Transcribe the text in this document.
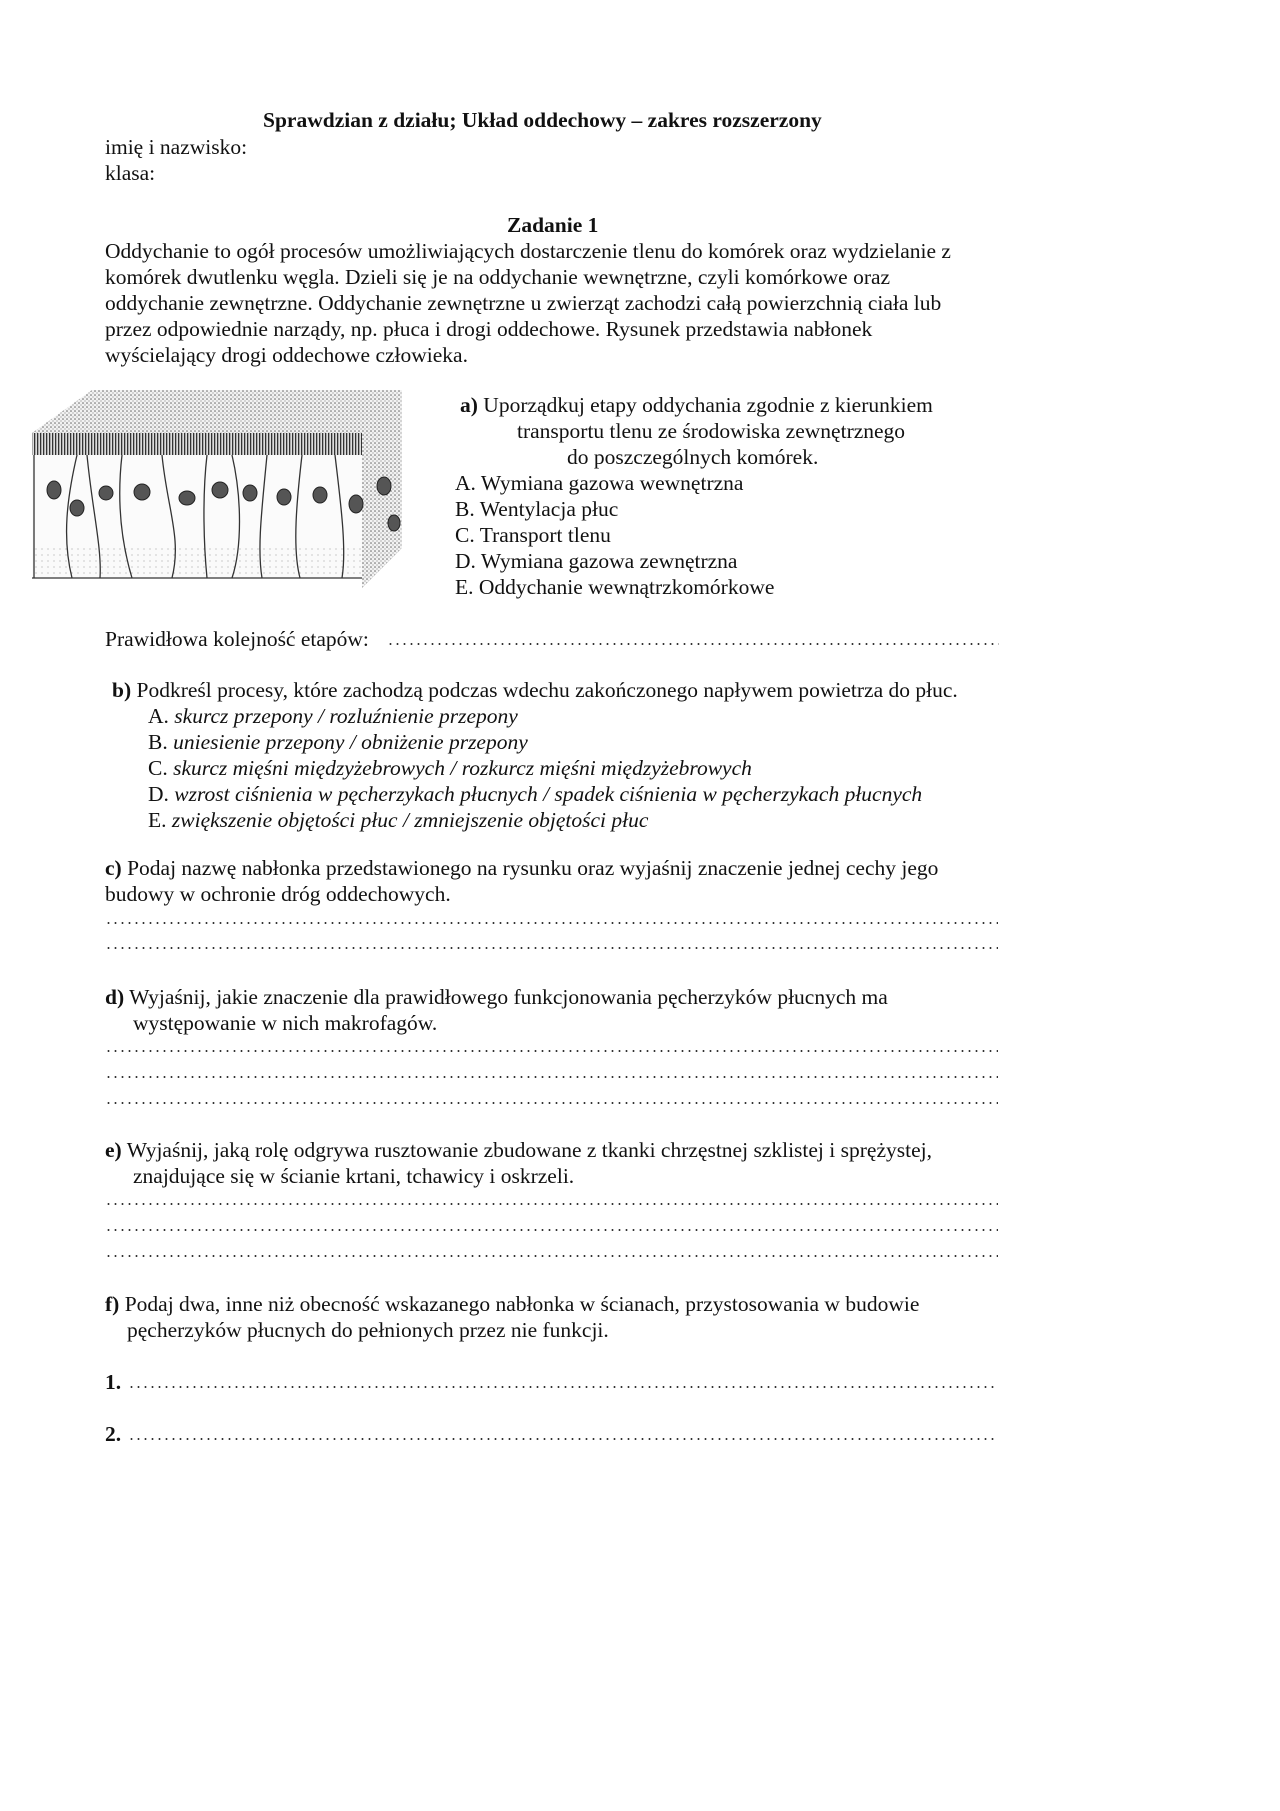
Sprawdzian z działu; Układ oddechowy – zakres rozszerzony
imię i nazwisko:
klasa:
Zadanie 1
Oddychanie to ogół procesów umożliwiających dostarczenie tlenu do komórek oraz wydzielanie z
komórek dwutlenku węgla. Dzieli się je na oddychanie wewnętrzne, czyli komórkowe oraz
oddychanie zewnętrzne. Oddychanie zewnętrzne u zwierząt zachodzi całą powierzchnią ciała lub
przez odpowiednie narządy, np. płuca i drogi oddechowe. Rysunek przedstawia nabłonek
wyścielający drogi oddechowe człowieka.
a) Uporządkuj etapy oddychania zgodnie z kierunkiem
transportu tlenu ze środowiska zewnętrznego
do poszczególnych komórek.
A. Wymiana gazowa wewnętrzna
B. Wentylacja płuc
C. Transport tlenu
D. Wymiana gazowa zewnętrzna
E. Oddychanie wewnątrzkomórkowe
Prawidłowa kolejność etapów:
b) Podkreśl procesy, które zachodzą podczas wdechu zakończonego napływem powietrza do płuc.
A. skurcz przepony / rozluźnienie przepony
B. uniesienie przepony / obniżenie przepony
C. skurcz mięśni międzyżebrowych / rozkurcz mięśni międzyżebrowych
D. wzrost ciśnienia w pęcherzykach płucnych / spadek ciśnienia w pęcherzykach płucnych
E. zwiększenie objętości płuc / zmniejszenie objętości płuc
c) Podaj nazwę nabłonka przedstawionego na rysunku oraz wyjaśnij znaczenie jednej cechy jego
budowy w ochronie dróg oddechowych.
d) Wyjaśnij, jakie znaczenie dla prawidłowego funkcjonowania pęcherzyków płucnych ma
występowanie w nich makrofagów.
e) Wyjaśnij, jaką rolę odgrywa rusztowanie zbudowane z tkanki chrzęstnej szklistej i sprężystej,
znajdujące się w ścianie krtani, tchawicy i oskrzeli.
f) Podaj dwa, inne niż obecność wskazanego nabłonka w ścianach, przystosowania w budowie
pęcherzyków płucnych do pełnionych przez nie funkcji.
1.
2.
